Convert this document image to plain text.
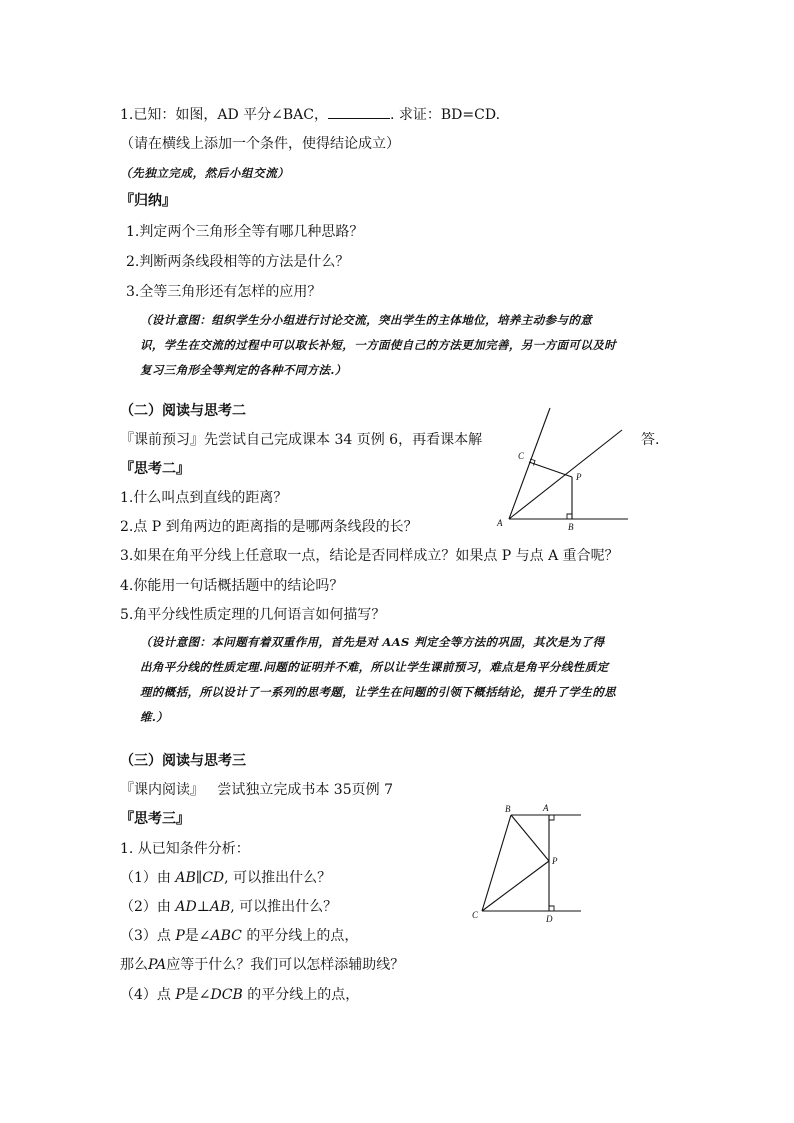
1.已知：如图，AD 平分∠BAC，	. 求证：BD=CD.
（请在横线上添加一个条件，使得结论成立）
（先独立完成，然后小组交流）
『归纳』
1.判定两个三角形全等有哪几种思路？
2.判断两条线段相等的方法是什么？
3.全等三角形还有怎样的应用？
（设计意图：组织学生分小组进行讨论交流，突出学生的主体地位，培养主动参与的意
识，学生在交流的过程中可以取长补短，一方面使自己的方法更加完善，另一方面可以及时
复习三角形全等判定的各种不同方法.）
（二）阅读与思考二
『课前预习』先尝试自己完成课本 34 页例 6，再看课本解	答.
『思考二』
1.什么叫点到直线的距离？
2.点 P 到角两边的距离指的是哪两条线段的长？
3.如果在角平分线上任意取一点，结论是否同样成立？如果点 P 与点 A 重合呢？
4.你能用一句话概括题中的结论吗？
5.角平分线性质定理的几何语言如何描写？
（设计意图：本问题有着双重作用，首先是对 AAS 判定全等方法的巩固，其次是为了得
出角平分线的性质定理.问题的证明并不难，所以让学生课前预习，难点是角平分线性质定
理的概括，所以设计了一系列的思考题，让学生在问题的引领下概括结论，提升了学生的思
维.）
A	B
C
P
（三）阅读与思考三
『课内阅读』 尝试独立完成书本 35页例 7
『思考三』
1. 从已知条件分析：
（1）由 AB∥CD, 可以推出什么？
（2）由 AD⊥AB, 可以推出什么？
（3）点 P是∠ABC 的平分线上的点，
那么PA应等于什么？我们可以怎样添辅助线？
（4）点 P是∠DCB 的平分线上的点，
B	A
P
C	D
